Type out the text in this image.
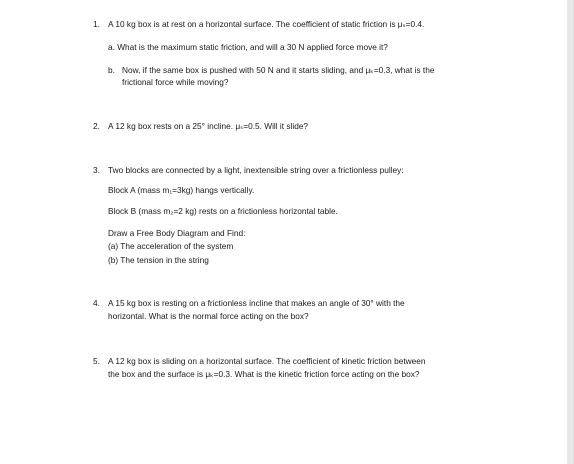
1. A 10 kg box is at rest on a horizontal surface. The coefficient of static friction is μₛ=0.4.
a. What is the maximum static friction, and will a 30 N applied force move it?
b. Now, if the same box is pushed with 50 N and it starts sliding, and μₖ=0.3, what is the
frictional force while moving?
2. A 12 kg box rests on a 25° incline. μₛ=0.5. Will it slide?
3. Two blocks are connected by a light, inextensible string over a frictionless pulley:
Block A (mass m₁=3kg) hangs vertically.
Block B (mass m₂=2 kg) rests on a frictionless horizontal table.
Draw a Free Body Diagram and Find:
(a) The acceleration of the system
(b) The tension in the string
4. A 15 kg box is resting on a frictionless incline that makes an angle of 30° with the
horizontal. What is the normal force acting on the box?
5. A 12 kg box is sliding on a horizontal surface. The coefficient of kinetic friction between
the box and the surface is μₖ=0.3. What is the kinetic friction force acting on the box?
